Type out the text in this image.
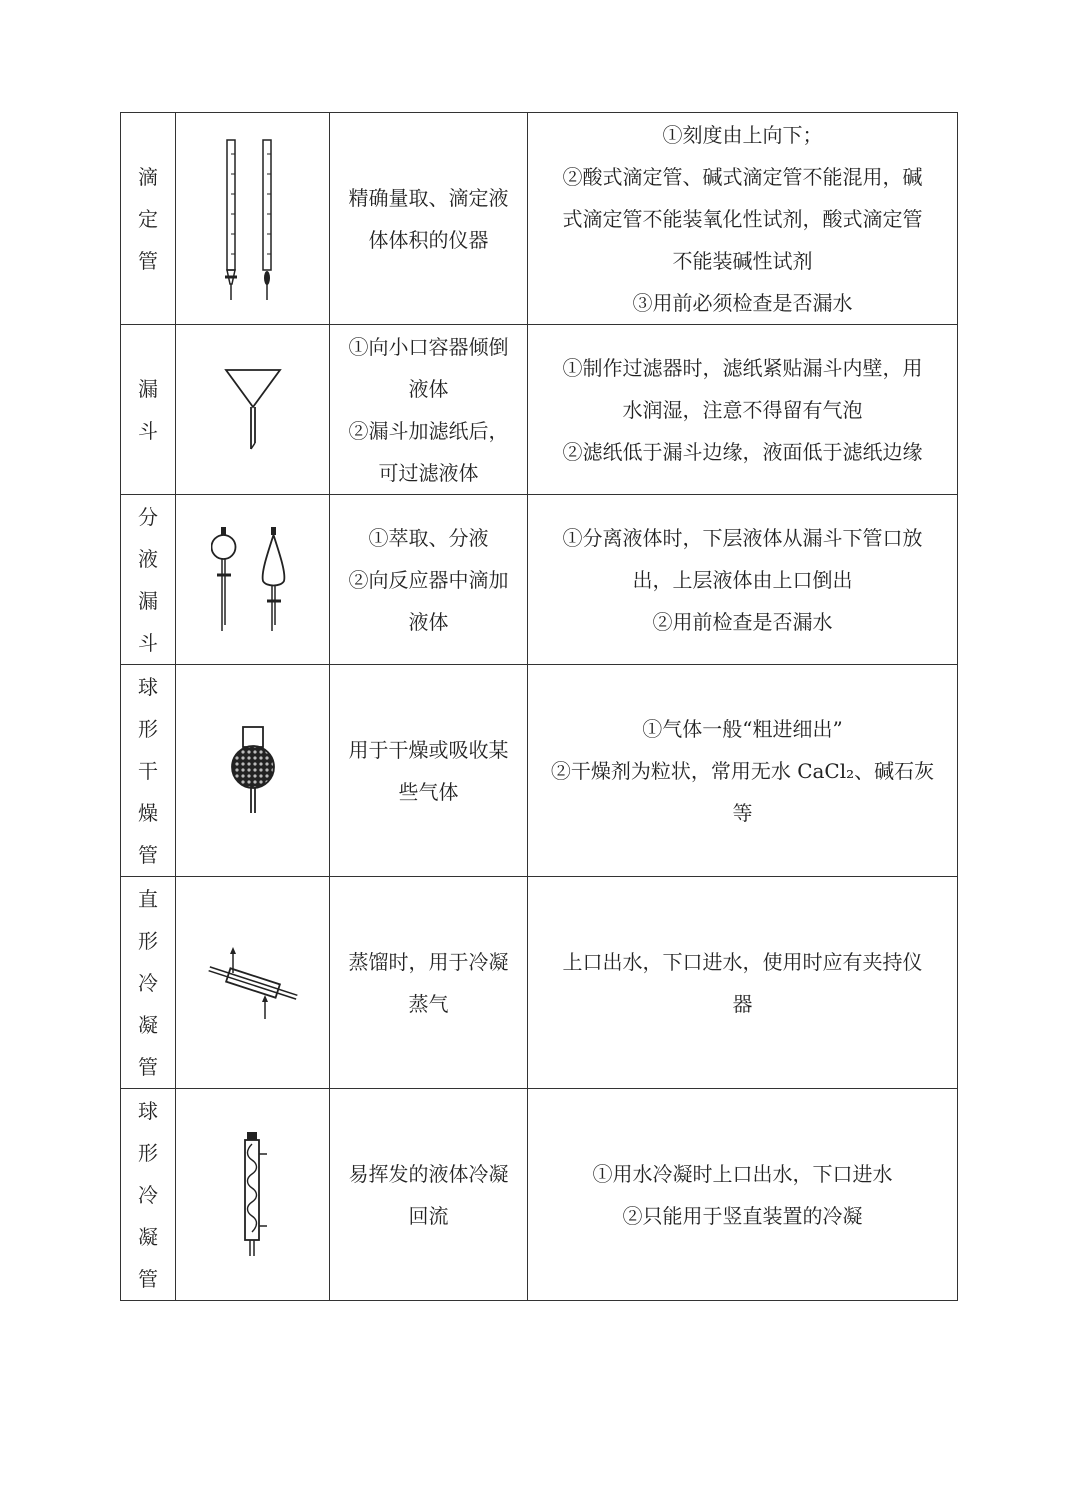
滴定管		精确量取、滴定液
体体积的仪器	①刻度由上向下；
②酸式滴定管、碱式滴定管不能混用，碱
式滴定管不能装氧化性试剂，酸式滴定管
不能装碱性试剂
③用前必须检查是否漏水

漏斗		①向小口容器倾倒
液体
②漏斗加滤纸后，
可过滤液体	①制作过滤器时，滤纸紧贴漏斗内壁，用
水润湿，注意不得留有气泡
②滤纸低于漏斗边缘，液面低于滤纸边缘

分液漏斗		①萃取、分液
②向反应器中滴加
液体	①分离液体时，下层液体从漏斗下管口放
出，上层液体由上口倒出
②用前检查是否漏水

球形干燥管		用于干燥或吸收某
些气体	①气体一般“粗进细出”
②干燥剂为粒状，常用无水 CaCl₂、碱石灰
等

直形冷凝管		蒸馏时，用于冷凝
蒸气	上口出水，下口进水，使用时应有夹持仪
器

球形冷凝管		易挥发的液体冷凝
回流	①用水冷凝时上口出水，下口进水
②只能用于竖直装置的冷凝
